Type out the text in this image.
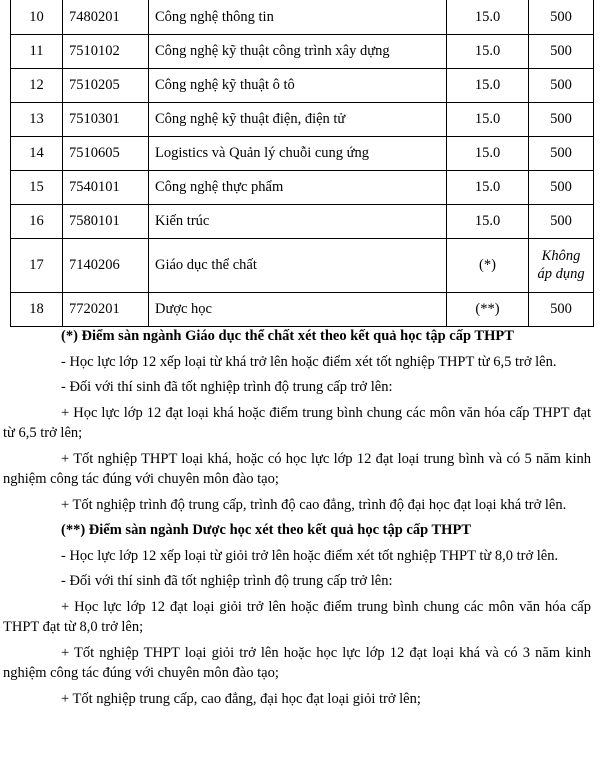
10	7480201	Công nghệ thông tin	15.0	500
11	7510102	Công nghệ kỹ thuật công trình xây dựng	15.0	500
12	7510205	Công nghệ kỹ thuật ô tô	15.0	500
13	7510301	Công nghệ kỹ thuật điện, điện tử	15.0	500
14	7510605	Logistics và Quản lý chuỗi cung ứng	15.0	500
15	7540101	Công nghệ thực phẩm	15.0	500
16	7580101	Kiến trúc	15.0	500
17	7140206	Giáo dục thể chất	(*)	Không áp dụng
18	7720201	Dược học	(**)	500

(*) Điểm sàn ngành Giáo dục thể chất xét theo kết quả học tập cấp THPT

- Học lực lớp 12 xếp loại từ khá trở lên hoặc điểm xét tốt nghiệp THPT từ 6,5 trở lên.

- Đối với thí sinh đã tốt nghiệp trình độ trung cấp trở lên:

+ Học lực lớp 12 đạt loại khá hoặc điểm trung bình chung các môn văn hóa cấp THPT đạt từ 6,5 trở lên;

+ Tốt nghiệp THPT loại khá, hoặc có học lực lớp 12 đạt loại trung bình và có 5 năm kinh nghiệm công tác đúng với chuyên môn đào tạo;

+ Tốt nghiệp trình độ trung cấp, trình độ cao đẳng, trình độ đại học đạt loại khá trở lên.

(**) Điểm sàn ngành Dược học xét theo kết quả học tập cấp THPT

- Học lực lớp 12 xếp loại từ giỏi trở lên hoặc điểm xét tốt nghiệp THPT từ 8,0 trở lên.

- Đối với thí sinh đã tốt nghiệp trình độ trung cấp trở lên:

+ Học lực lớp 12 đạt loại giỏi trở lên hoặc điểm trung bình chung các môn văn hóa cấp THPT đạt từ 8,0 trở lên;

+ Tốt nghiệp THPT loại giỏi trở lên hoặc học lực lớp 12 đạt loại khá và có 3 năm kinh nghiệm công tác đúng với chuyên môn đào tạo;

+ Tốt nghiệp trung cấp, cao đẳng, đại học đạt loại giỏi trở lên;
